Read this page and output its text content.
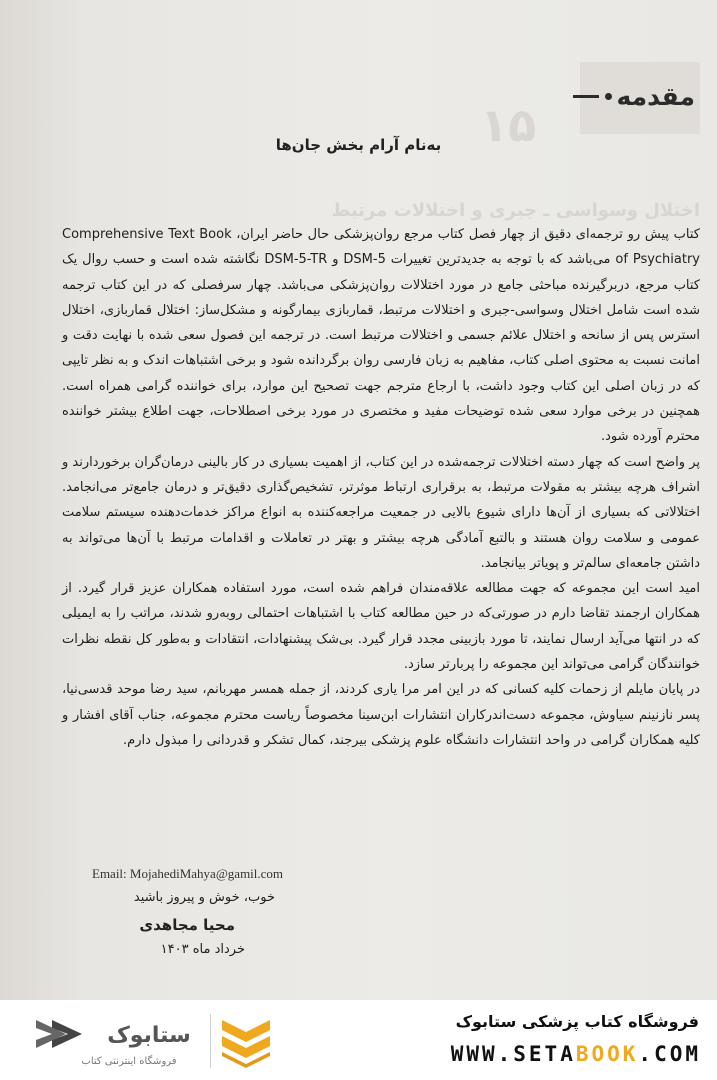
۱۵
اختلال وسواسی ـ جبری و اختلالات مرتبط
مقدمه
به‌نام آرام بخش جان‌ها

کتاب پیش رو ترجمه‌ای دقیق از چهار فصل کتاب مرجع روان‌پزشکی حال حاضر ایران، Comprehensive Text Book of Psychiatry می‌باشد که با توجه به جدیدترین تغییرات DSM-5 و DSM-5-TR نگاشته شده است و حسب روال یک کتاب مرجع، دربرگیرنده مباحثی جامع در مورد اختلالات روان‌پزشکی می‌باشد. چهار سرفصلی که در این کتاب ترجمه شده است شامل اختلال وسواسی-جبری و اختلالات مرتبط، قماربازی بیمارگونه و مشکل‌ساز: اختلال قماربازی، اختلال استرس پس از سانحه و اختلال علائم جسمی و اختلالات مرتبط است. در ترجمه این فصول سعی شده با نهایت دقت و امانت نسبت به محتوی اصلی کتاب، مفاهیم به زبان فارسی روان برگردانده شود و برخی اشتباهات اندک و به نظر تایپی که در زبان اصلی این کتاب وجود داشت، با ارجاع مترجم جهت تصحیح این موارد، برای خواننده گرامی همراه است. همچنین در برخی موارد سعی شده توضیحات مفید و مختصری در مورد برخی اصطلاحات، جهت اطلاع بیشتر خواننده محترم آورده شود.

پر واضح است که چهار دسته اختلالات ترجمه‌شده در این کتاب، از اهمیت بسیاری در کار بالینی درمان‌گران برخوردارند و اشراف هرچه بیشتر به مقولات مرتبط، به برقراری ارتباط موثرتر، تشخیص‌گذاری دقیق‌تر و درمان جامع‌تر می‌انجامد. اختلالاتی که بسیاری از آن‌ها دارای شیوع بالایی در جمعیت مراجعه‌کننده به انواع مراکز خدمات‌دهنده سیستم سلامت عمومی و سلامت روان هستند و بالتبع آمادگی هرچه بیشتر و بهتر در تعاملات و اقدامات مرتبط با آن‌ها می‌تواند به داشتن جامعه‌ای سالم‌تر و پویاتر بیانجامد.

امید است این مجموعه که جهت مطالعه علاقه‌مندان فراهم شده است، مورد استفاده همکاران عزیز قرار گیرد. از همکاران ارجمند تقاضا دارم در صورتی‌که در حین مطالعه کتاب با اشتباهات احتمالی روبه‌رو شدند، مراتب را به ایمیلی که در انتها می‌آید ارسال نمایند، تا مورد بازبینی مجدد قرار گیرد. بی‌شک پیشنهادات، انتقادات و به‌طور کل نقطه نظرات خوانندگان گرامی می‌تواند این مجموعه را پربارتر سازد.

در پایان مایلم از زحمات کلیه کسانی که در این امر مرا یاری کردند، از جمله همسر مهربانم، سید رضا موحد قدسی‌نیا، پسر نازنینم سیاوش، مجموعه دست‌اندرکاران انتشارات ابن‌سینا مخصوصاً ریاست محترم مجموعه، جناب آقای افشار و کلیه همکاران گرامی در واحد انتشارات دانشگاه علوم پزشکی بیرجند، کمال تشکر و قدردانی را مبذول دارم.

Email: MojahediMahya@gamil.com
خوب، خوش و پیروز باشید
محیا مجاهدی
خرداد ماه ۱۴۰۳
ستابوک
فروشگاه اینترنتی کتاب
فروشگاه کتاب پزشکی ستابوک
WWW.SETABOOK.COM
